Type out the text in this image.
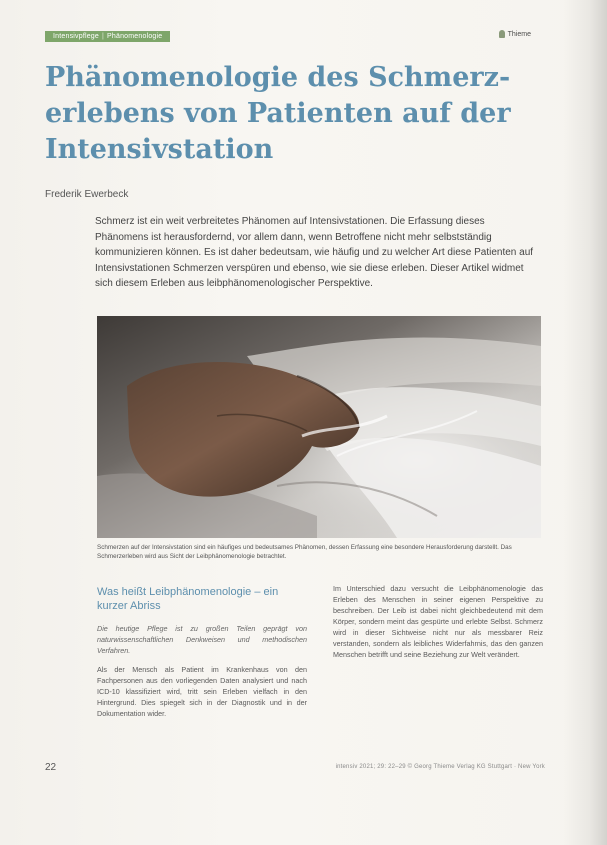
Intensivpflege | Phänomenologie	Thieme
Phänomenologie des Schmerz-
erlebens von Patienten auf der
Intensivstation
Frederik Ewerbeck

Schmerz ist ein weit verbreitetes Phänomen auf Intensivstationen. Die Erfassung dieses Phänomens ist herausfordernd, vor allem dann, wenn Betroffene nicht mehr selbstständig kommunizieren können. Es ist daher bedeutsam, wie häufig und zu welcher Art diese Patienten auf Intensivstationen Schmerzen verspüren und ebenso, wie sie diese erleben. Dieser Artikel widmet sich diesem Erleben aus leibphänomenologischer Perspektive.

Schmerzen auf der Intensivstation sind ein häufiges und bedeutsames Phänomen, dessen Erfassung eine besondere Herausforderung darstellt. Das Schmerzerleben wird aus Sicht der Leibphänomenologie betrachtet.

Was heißt Leibphänomenologie – ein kurzer Abriss

Die heutige Pflege ist zu großen Teilen geprägt von naturwissenschaftlichen Denkweisen und methodischen Verfahren.

Als der Mensch als Patient im Krankenhaus von den Fachpersonen aus den vorliegenden Daten analysiert und nach ICD-10 klassifiziert wird, tritt sein Erleben vielfach in den Hintergrund. Dies spiegelt sich in der Diagnostik und in der Dokumentation wider.

Im Unterschied dazu versucht die Leibphänomenologie das Erleben des Menschen in seiner eigenen Perspektive zu beschreiben. Der Leib ist dabei nicht gleichbedeutend mit dem Körper, sondern meint das gespürte und erlebte Selbst. Schmerz wird in dieser Sichtweise nicht nur als messbarer Reiz verstanden, sondern als leibliches Widerfahrnis, das den ganzen Menschen betrifft und seine Beziehung zur Welt verändert.

22	intensiv 2021; 29: 22–29 © Georg Thieme Verlag KG Stuttgart · New York
